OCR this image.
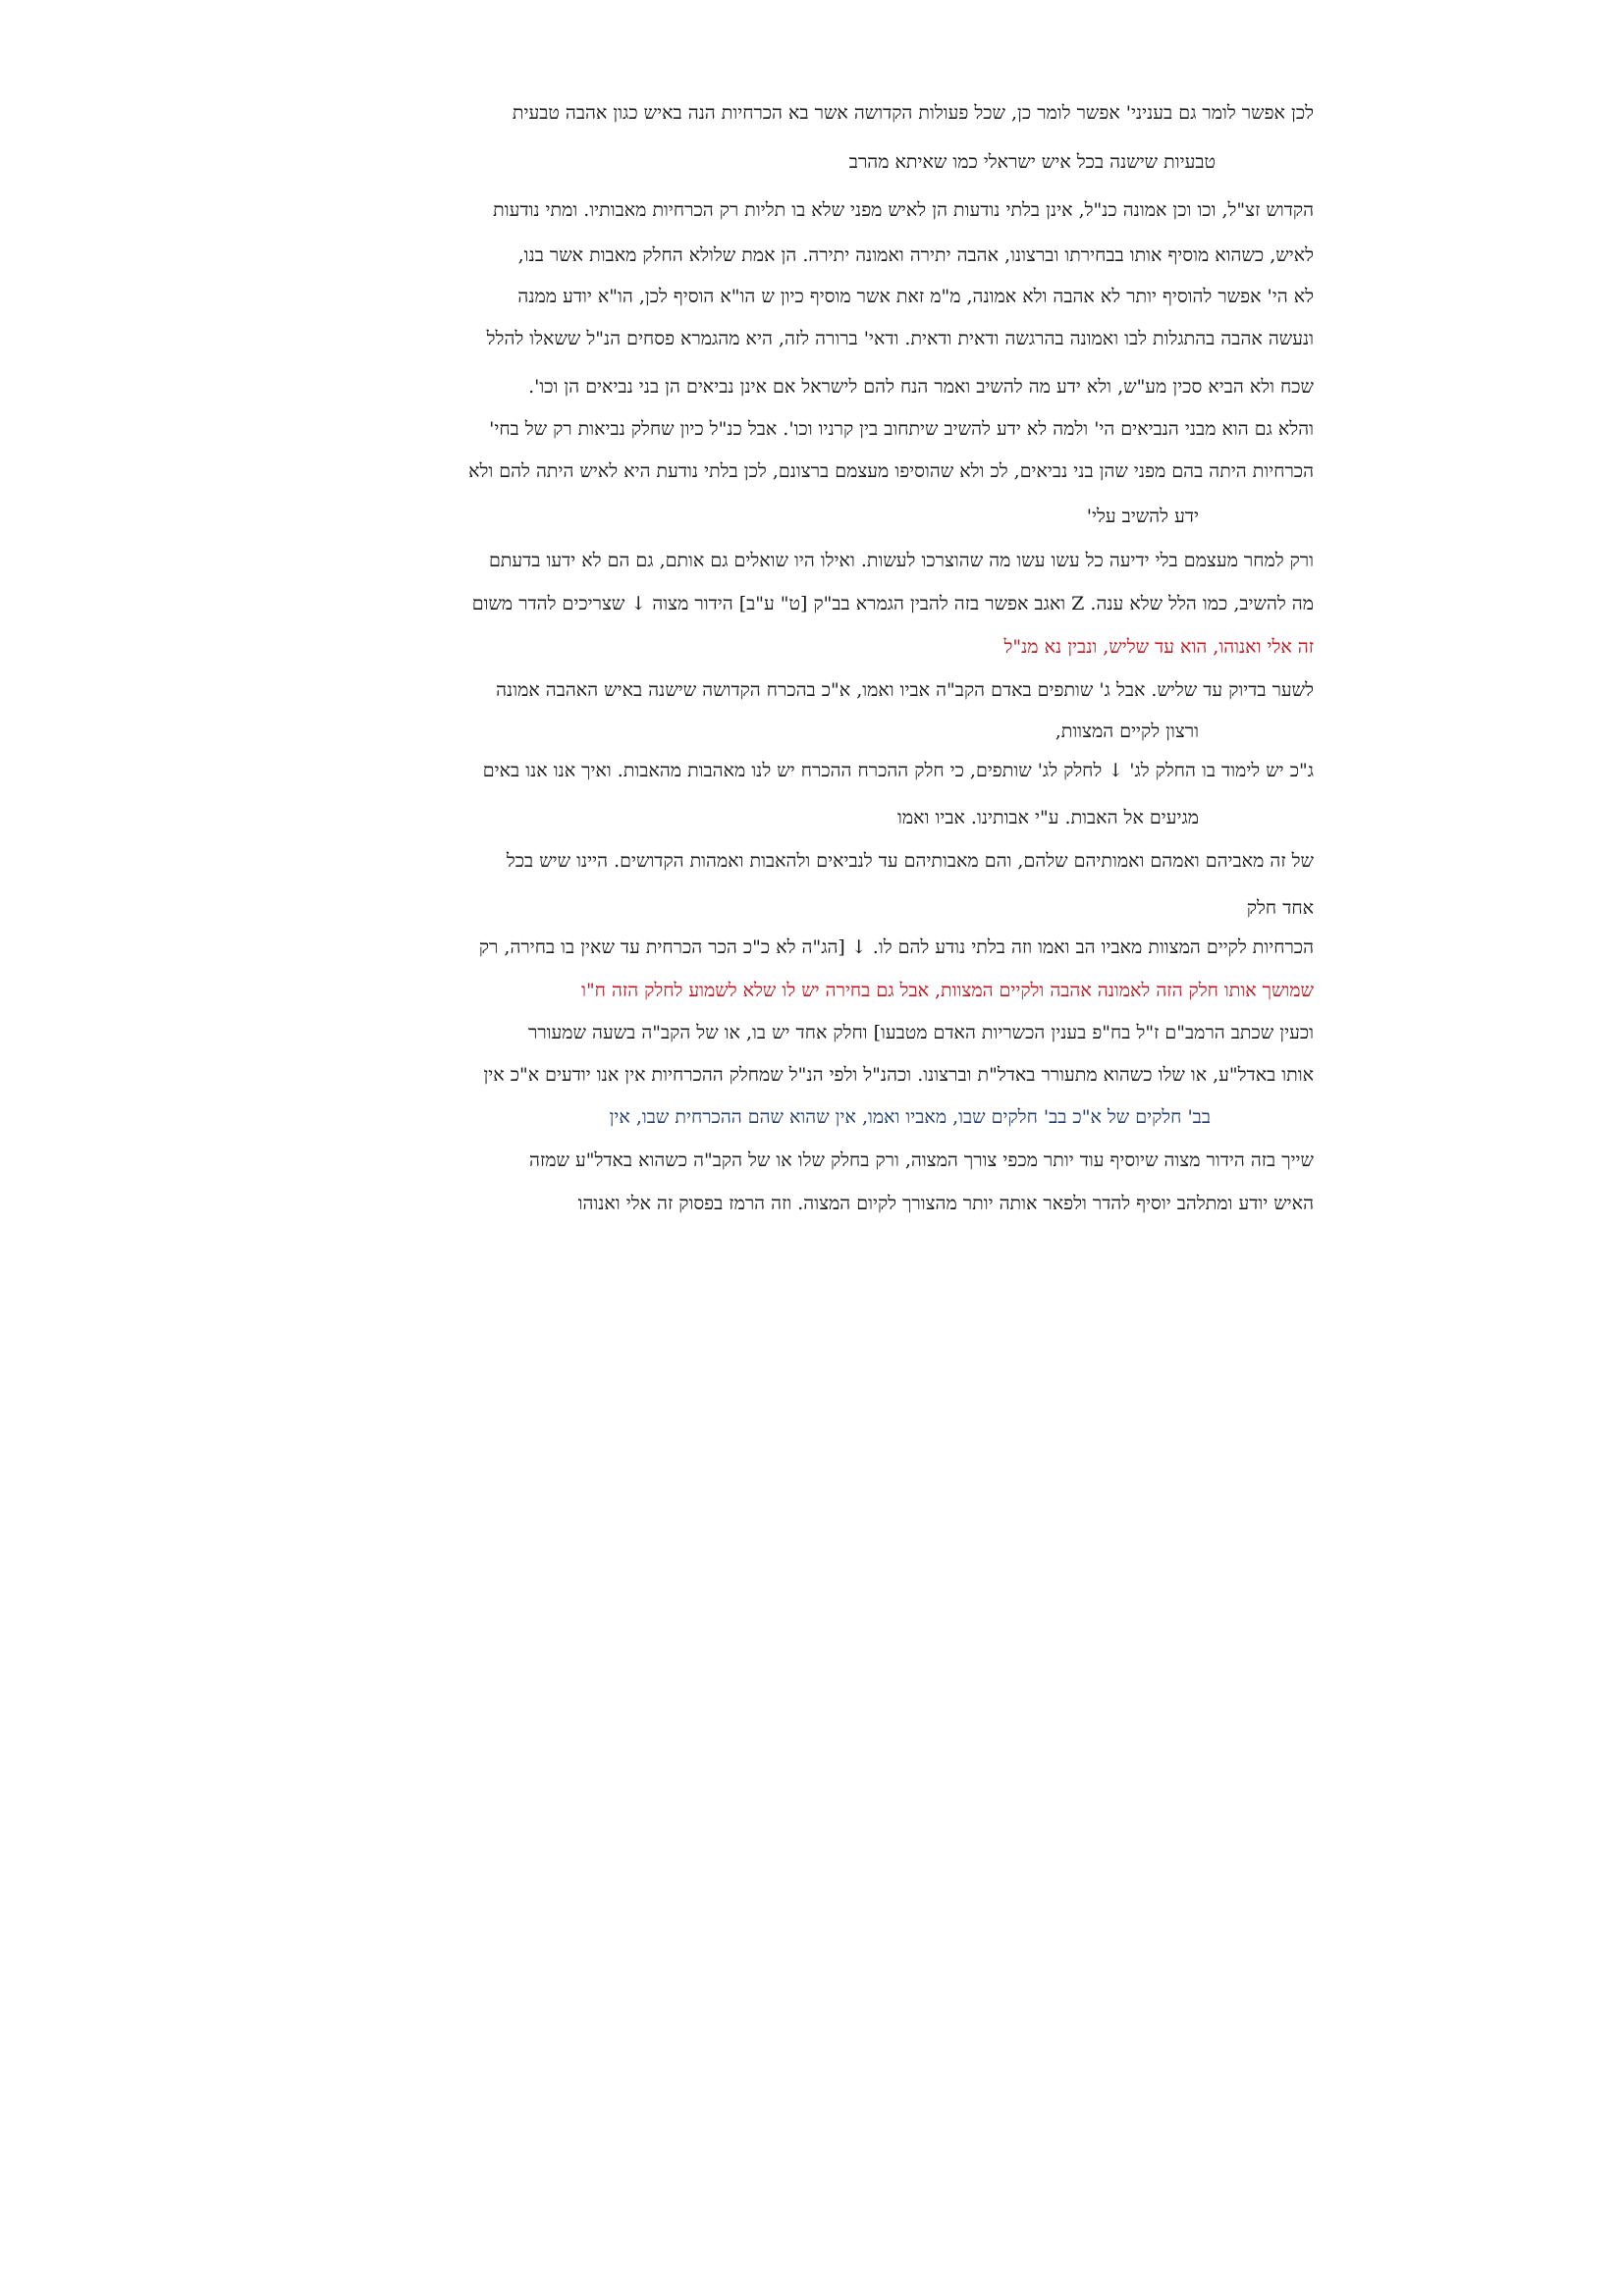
לכן אפשר לומר גם בעניני' אפשר לומר כן, שכל פעולות הקדושה אשר בא הכרחיות הנה באיש כגון אהבה טבעית
טבעיות שישנה בכל איש ישראלי כמו שאיתא מהרב
הקדוש זצ"ל, וכו וכן אמונה כנ"ל, אינן בלתי נודעות הן לאיש מפני שלא בו תליות רק הכרחיות מאבותיו. ומתי נודעות
לאיש, כשהוא מוסיף אותו בבחירתו וברצונו, אהבה יתירה ואמונה יתירה. הן אמת שלולא החלק מאבות אשר בנו,
לא הי' אפשר להוסיף יותר לא אהבה ולא אמונה, מ"מ זאת אשר מוסיף כיון ש הו"א הוסיף לכן, הו"א יודע ממנה
ונעשה אהבה בהתגלות לבו ואמונה בהרגשה ודאית ודאית. ודאי' ברורה לזה, היא מהגמרא פסחים הנ"ל ששאלו להלל
שכח ולא הביא סכין מע"ש, ולא ידע מה להשיב ואמר הנח להם לישראל אם אינן נביאים הן בני נביאים הן וכו'.
והלא גם הוא מבני הנביאים הי' ולמה לא ידע להשיב שיתחוב בין קרניו וכו'. אבל כנ"ל כיון שחלק נביאות רק של בחי'
הכרחיות היתה בהם מפני שהן בני נביאים, לכ ולא שהוסיפו מעצמם ברצונם, לכן בלתי נודעת היא לאיש היתה להם ולא
ידע להשיב עלי'
ורק למחר מעצמם בלי ידיעה כל עשו עשו מה שהוצרכו לעשות. ואילו היו שואלים גם אותם, גם הם לא ידעו בדעתם
מה להשיב, כמו הלל שלא ענה. Z ואגב אפשר בזה להבין הגמרא בב"ק [ט" ע"ב] הידור מצוה ↓ שצריכים להדר משום
זה אלי ואנוהו, הוא עד שליש, ונבין נא מנ"ל
לשער בדיוק עד שליש. אבל ג' שותפים באדם הקב"ה אביו ואמו, א"כ בהכרח הקדושה שישנה באיש האהבה אמונה
ורצון לקיים המצוות,
ג"כ יש לימוד בו החלק לג' ↓ לחלק לג' שותפים, כי חלק ההכרח ההכרח יש לנו מאהבות מהאבות. ואיך אנו אנו באים
מגיעים אל האבות. ע"י אבותינו. אביו ואמו
של זה מאביהם ואמהם ואמותיהם שלהם, והם מאבותיהם עד לנביאים ולהאבות ואמהות הקדושים. היינו שיש בכל
אחד חלק
הכרחיות לקיים המצוות מאביו הב ואמו וזה בלתי נודע להם לו. ↓ [הג"ה לא כ"כ הכר הכרחית עד שאין בו בחירה, רק
שמושך אותו חלק הזה לאמונה אהבה ולקיים המצוות, אבל גם בחירה יש לו שלא לשמוע לחלק הזה ח"ו
וכעין שכתב הרמב"ם ז"ל בח"פ בענין הכשריות האדם מטבעו] וחלק אחד יש בו, או של הקב"ה בשעה שמעורר
אותו באדל"ע, או שלו כשהוא מתעורר באדל"ת וברצונו. וכהנ"ל ולפי הנ"ל שמחלק ההכרחיות אין אנו יודעים א"כ אין
בב' חלקים של א"כ בב' חלקים שבו, מאביו ואמו, אין שהוא שהם ההכרחית שבו, אין
שייך בזה הידור מצוה שיוסיף עוד יותר מכפי צורך המצוה, ורק בחלק שלו או של הקב"ה כשהוא באדל"ע שמזה
האיש יודע ומתלהב יוסיף להדר ולפאר אותה יותר מהצורך לקיום המצוה. וזה הרמז בפסוק זה אלי ואנוהו
